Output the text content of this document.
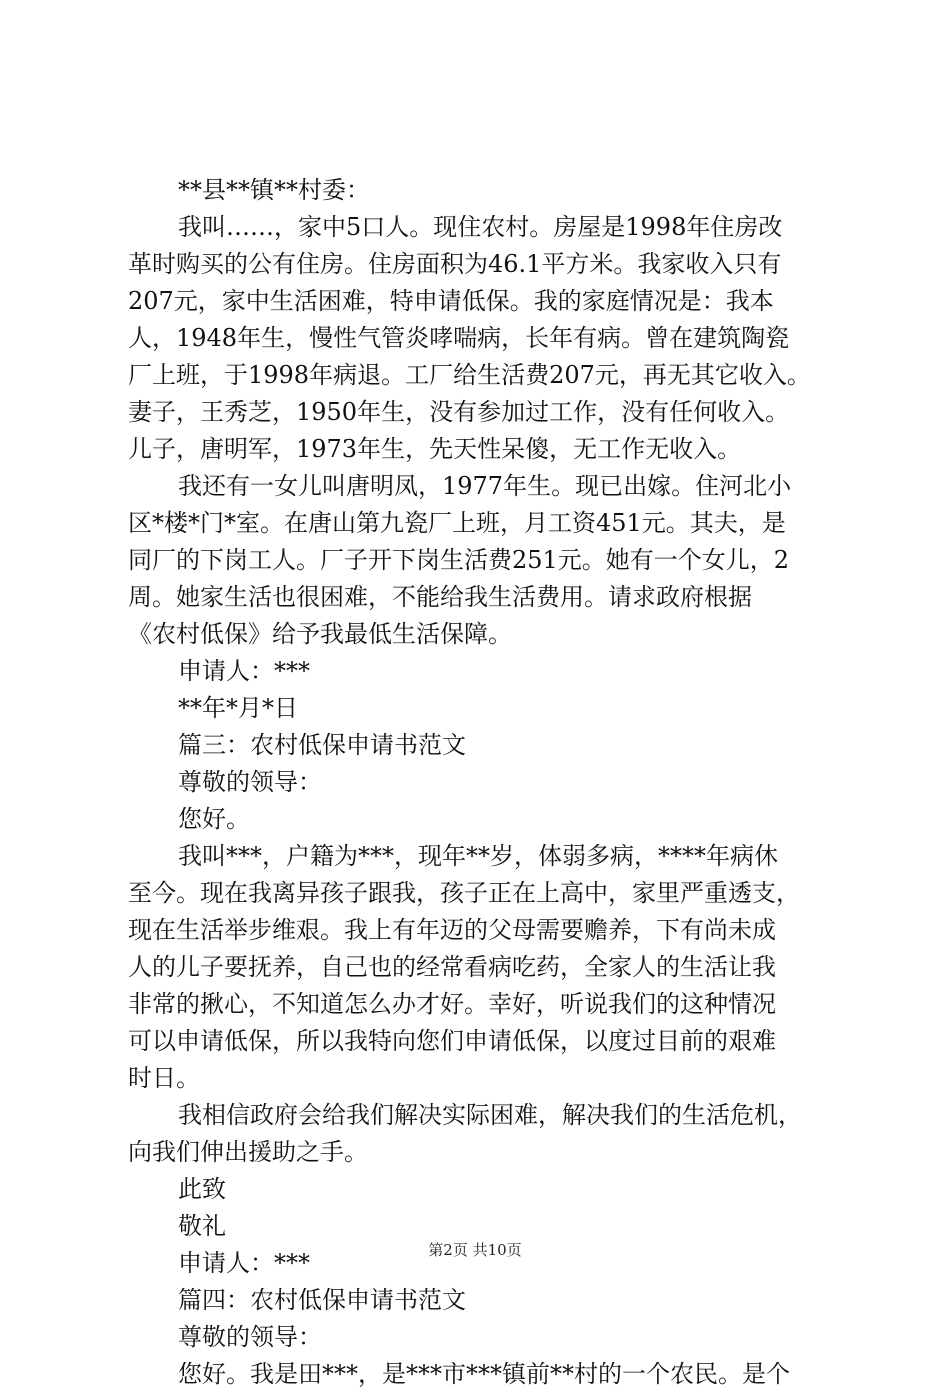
**县**镇**村委：
我叫……，家中5口人。现住农村。房屋是1998年住房改
革时购买的公有住房。住房面积为46.1平方米。我家收入只有
207元，家中生活困难，特申请低保。我的家庭情况是：我本
人，1948年生，慢性气管炎哮喘病，长年有病。曾在建筑陶瓷
厂上班，于1998年病退。工厂给生活费207元，再无其它收入。
妻子，王秀芝，1950年生，没有参加过工作，没有任何收入。
儿子，唐明军，1973年生，先天性呆傻，无工作无收入。
我还有一女儿叫唐明凤，1977年生。现已出嫁。住河北小
区*楼*门*室。在唐山第九瓷厂上班，月工资451元。其夫，是
同厂的下岗工人。厂子开下岗生活费251元。她有一个女儿，2
周。她家生活也很困难，不能给我生活费用。请求政府根据
《农村低保》给予我最低生活保障。
申请人：***
**年*月*日
篇三：农村低保申请书范文
尊敬的领导：
您好。
我叫***，户籍为***，现年**岁，体弱多病，****年病休
至今。现在我离异孩子跟我，孩子正在上高中，家里严重透支，
现在生活举步维艰。我上有年迈的父母需要赡养，下有尚未成
人的儿子要抚养，自己也的经常看病吃药，全家人的生活让我
非常的揪心，不知道怎么办才好。幸好，听说我们的这种情况
可以申请低保，所以我特向您们申请低保，以度过目前的艰难
时日。
我相信政府会给我们解决实际困难，解决我们的生活危机，
向我们伸出援助之手。
此致
敬礼
申请人：***
篇四：农村低保申请书范文
尊敬的领导：
您好。我是田***，是***市***镇前**村的一个农民。是个
第2页 共10页
